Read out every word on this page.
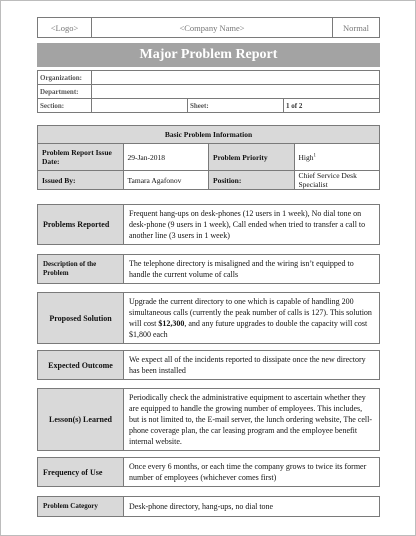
<Logo>	<Company Name>	Normal
Major Problem Report
Organization:			
Department:			
Section:		Sheet:	1 of 2
Basic Problem Information			
Problem Report Issue Date:	29-Jan-2018	Problem Priority	High$^1$
Issued By:	Tamara Agafonov	Position:	Chief Service Desk Specialist
Problems Reported	Frequent hang-ups on desk-phones (12 users in 1 week), No dial tone on desk-phone (9 users in 1 week), Call ended when tried to transfer a call to another line (3 users in 1 week)
Description of the Problem	The telephone directory is misaligned and the wiring isn’t equipped to handle the current volume of calls
Proposed Solution	Upgrade the current directory to one which is capable of handling 200 simultaneous calls (currently the peak number of calls is 127). This solution will cost $12,300, and any future upgrades to double the capacity will cost $1,800 each
Expected Outcome	We expect all of the incidents reported to dissipate once the new directory has been installed
Lesson(s) Learned	Periodically check the administrative equipment to ascertain whether they are equipped to handle the growing number of employees. This includes, but is not limited to, the E-mail server, the lunch ordering website, The cell-phone coverage plan, the car leasing program and the employee benefit internal website.
Frequency of Use	Once every 6 months, or each time the company grows to twice its former number of employees (whichever comes first)
Problem Category	Desk-phone directory, hang-ups, no dial tone
